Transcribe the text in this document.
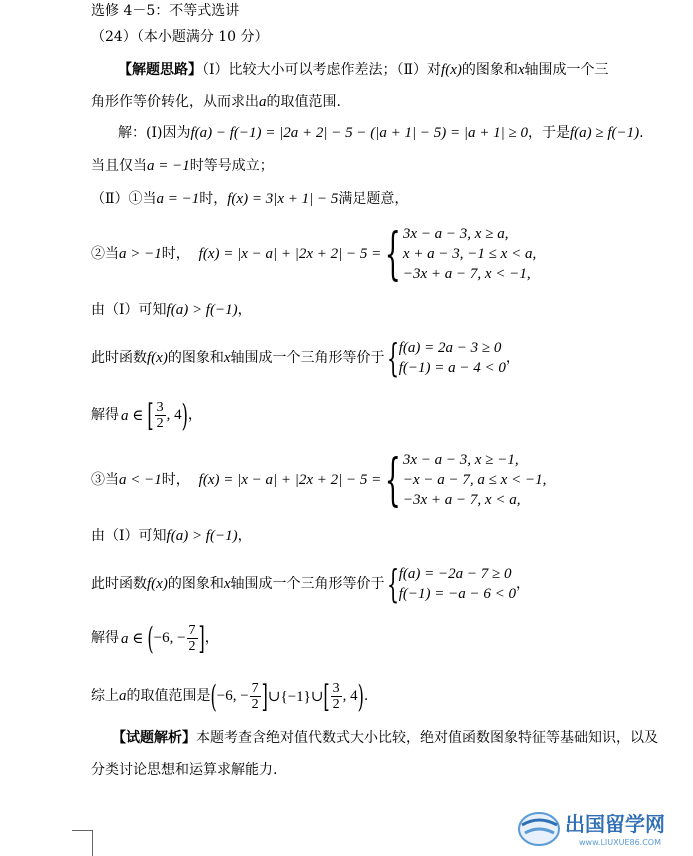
选修 4－5：不等式选讲
（24）（本小题满分 10 分）
【解题思路】（Ⅰ）比较大小可以考虑作差法；（Ⅱ）对f(x)的图象和x轴围成一个三
角形作等价转化，从而求出a的取值范围.
解：(Ⅰ)因为f(a) − f(−1) = |2a + 2| − 5 − (|a + 1| − 5) = |a + 1| ≥ 0，于是f(a) ≥ f(−1).
当且仅当a = −1时等号成立；
（Ⅱ）①当a = −1时，f(x) = 3|x + 1| − 5满足题意，
②当a > −1时， f(x) = |x − a| + |2x + 2| − 5 = { 3x − a − 3, x ≥ a,
x + a − 3, −1 ≤ x < a,
−3x + a − 7, x < −1,
由（Ⅰ）可知f(a) > f(−1)，
此时函数f(x)的图象和x轴围成一个三角形等价于 { f(a) = 2a − 3 ≥ 0
f(−1) = a − 4 < 0
，
解得 a ∈ [ $\frac{3}{2}$ , 4 ) ，
③当a < −1时， f(x) = |x − a| + |2x + 2| − 5 = { 3x − a − 3, x ≥ −1,
−x − a − 7, a ≤ x < −1,
−3x + a − 7, x < a,
由（Ⅰ）可知f(a) > f(−1)，
此时函数f(x)的图象和x轴围成一个三角形等价于 { f(a) = −2a − 7 ≥ 0
f(−1) = −a − 6 < 0
，
解得 a ∈ ( −6, − $\frac{7}{2}$ ] ，
综上 a 的取值范围是 ( −6, − $\frac{7}{2}$ ] ∪{−1}∪ [ $\frac{3}{2}$ , 4 ) .
【试题解析】本题考查含绝对值代数式大小比较，绝对值函数图象特征等基础知识，以及
分类讨论思想和运算求解能力.
出国留学网
www.LIUXUE86.COM
